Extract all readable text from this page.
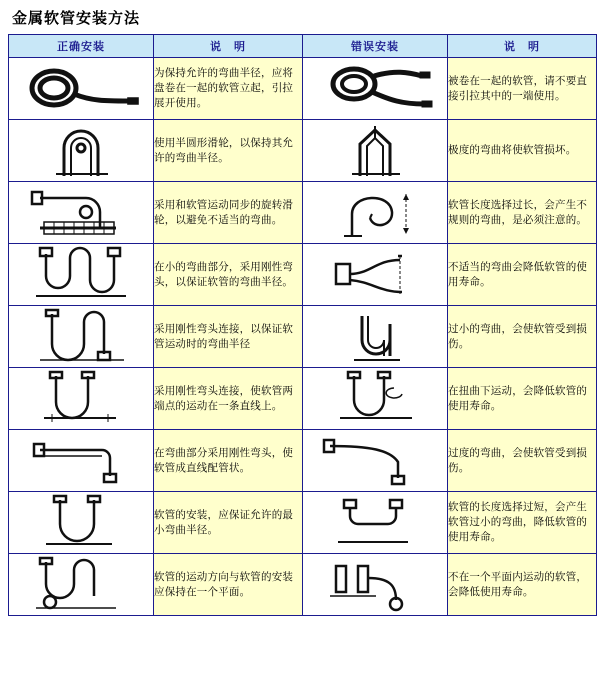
金属软管安装方法
正确安装	说　明	错误安装	说　明

	为保持允许的弯曲半径，应将盘卷在一起的软管立起，引拉展开使用。		被卷在一起的软管，请不要直接引拉其中的一端使用。

	使用半圆形滑轮，以保持其允许的弯曲半径。		极度的弯曲将使软管损坏。

	采用和软管运动同步的旋转滑轮，以避免不适当的弯曲。		软管长度选择过长，会产生不规则的弯曲，是必须注意的。

	在小的弯曲部分，采用刚性弯头，以保证软管的弯曲半径。		不适当的弯曲会降低软管的使用寿命。

	采用刚性弯头连接，以保证软管运动时的弯曲半径		过小的弯曲，会使软管受到损伤。

	采用刚性弯头连接，使软管两端点的运动在一条直线上。		在扭曲下运动，会降低软管的使用寿命。

	在弯曲部分采用刚性弯头，使软管成直线配管状。		过度的弯曲，会使软管受到损伤。

	软管的安装，应保证允许的最小弯曲半径。		软管的长度选择过短，会产生软管过小的弯曲，降低软管的使用寿命。

	软管的运动方向与软管的安装应保持在一个平面。		不在一个平面内运动的软管，会降低使用寿命。
